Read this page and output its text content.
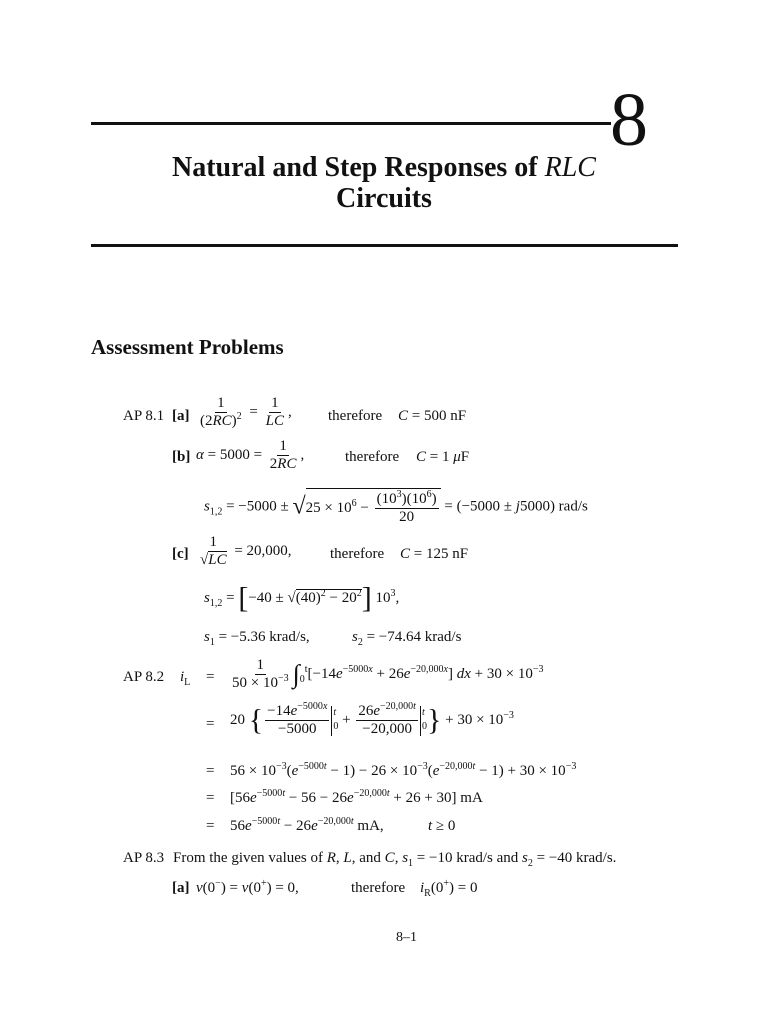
8
Natural and Step Responses of RLC
Circuits
Assessment Problems
AP 8.1 $[a] \frac{1}{(2RC)^2} = \frac{1}{LC}$ , therefore C = 500 nF
[b] $\alpha = 5000 = \frac{1}{2RC}$ ,	therefore C = 1 μF
$s_{1,2} = -5000 \pm √25 \times 10^6 - \frac{(10^3)(10^6)}{20} = (-5000 \pm j5000)$ rad/s
$[c] \frac{1}{√LC} = 20,000$,	therefore C = 125 nF
$s_{1,2} = [-40 \pm √(40)^2 - 20^2]$ $10^3$,
$s_1 = -5.36$ krad/s,	$s_2 = -74.64$ krad/s
AP 8.2 $i_L = \frac{1}{50 \times 10^{-3}} \int_0^t[-14e^{-5000x} + 26e^{-20,000x}]$ dx + $30 \times 10^{-3}$
= 20 { $\frac{-14e^{-5000x}}{-5000}$ t
$0 + \frac{26e^{-20,000t}}{-20,000}$ t
$0\} + 30 \times 10^{-3}$
= $56 \times 10^{-3}(e^{-5000t} - 1) - 26 \times 10^{-3}(e^{-20,000t} - 1) + 30 \times 10^{-3}$
= $[56e^{-5000t} - 56 - 26e^{-20,000t} + 26 + 30]$ mA
= $56e^{-5000t} - 26e^{-20,000t}$ mA,	t ≥ 0
AP 8.3 From the given values of R, L, and C, $s_1 = -10$ krad/s and $s_2 = -40$ krad/s.
[a] v(0−) = v(0+) = 0,	therefore $i_R(0^+) = 0$
8–1
